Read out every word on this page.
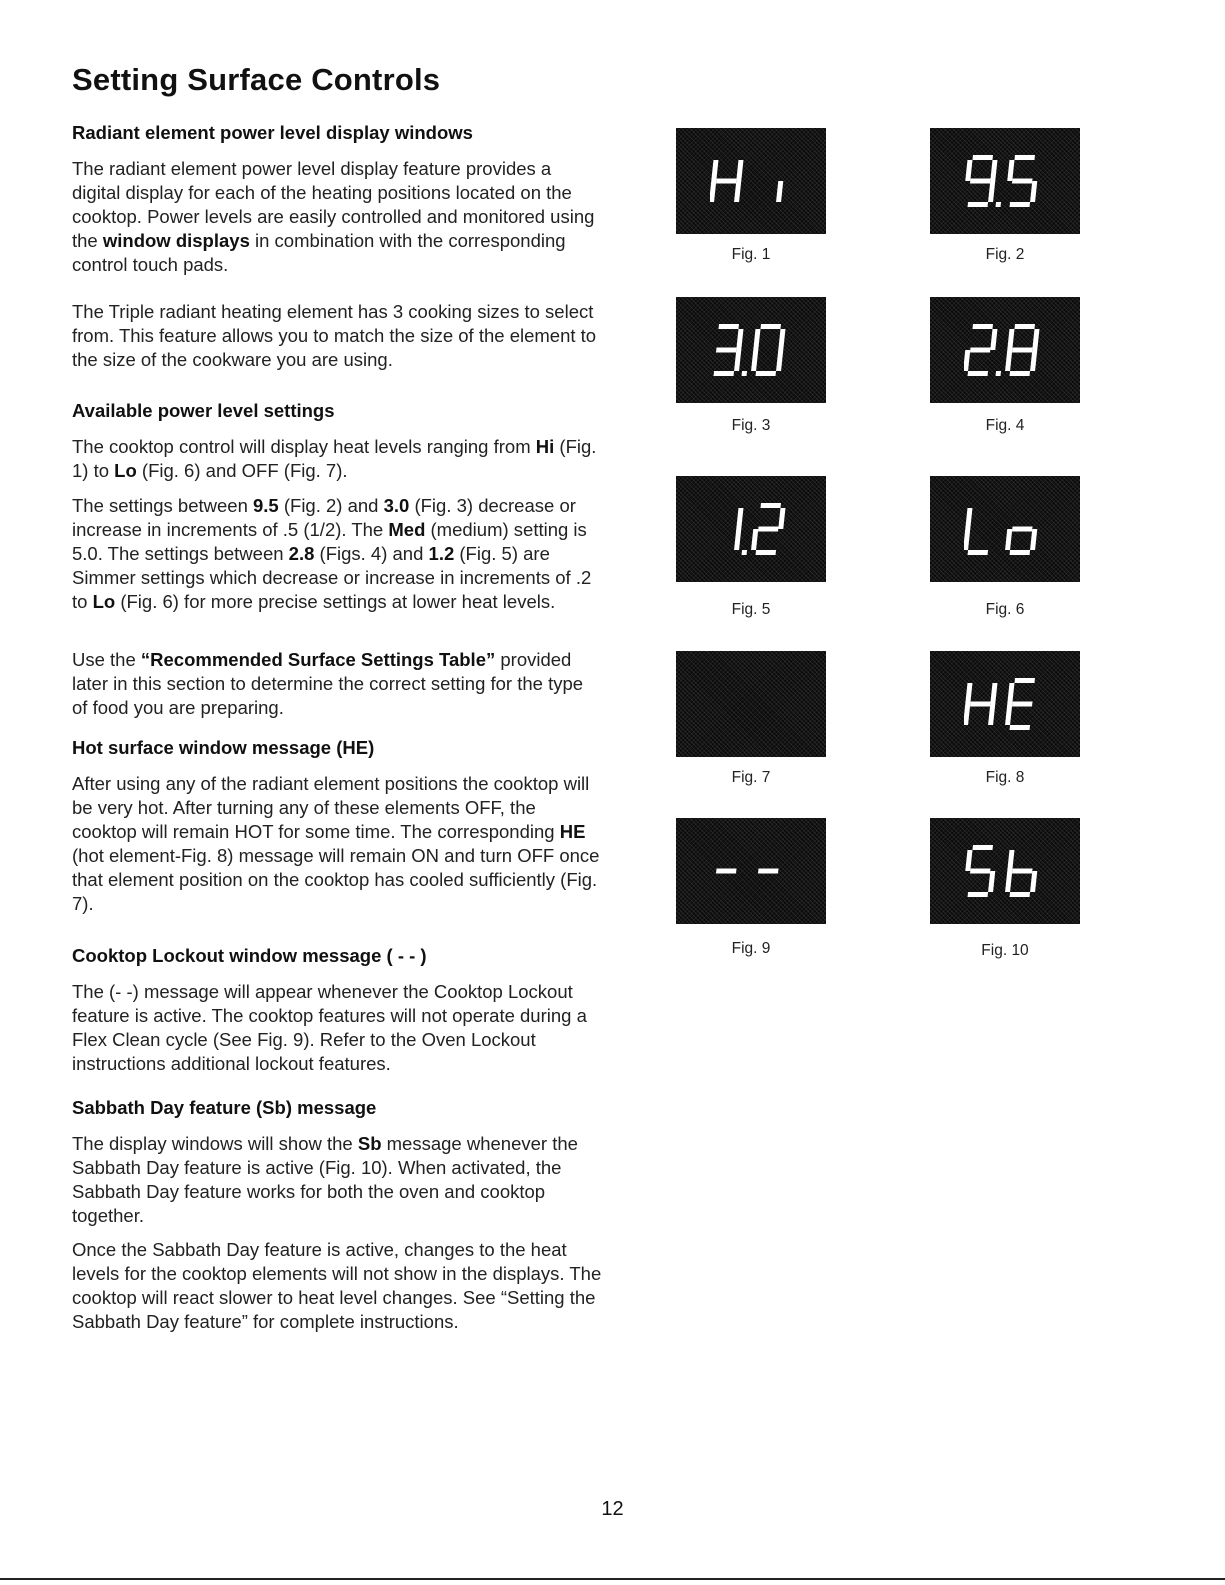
Setting Surface Controls
Radiant element power level display windows

The radiant element power level display feature provides a digital display for each of the heating positions located on the cooktop. Power levels are easily controlled and monitored using the window displays in combination with the corresponding control touch pads.

The Triple radiant heating element has 3 cooking sizes to select from. This feature allows you to match the size of the element to the size of the cookware you are using.

Available power level settings

The cooktop control will display heat levels ranging from Hi (Fig. 1) to Lo (Fig. 6) and OFF (Fig. 7).

The settings between 9.5 (Fig. 2) and 3.0 (Fig. 3) decrease or increase in increments of .5 (1/2). The Med (medium) setting is 5.0. The settings between 2.8 (Figs. 4) and 1.2 (Fig. 5) are Simmer settings which decrease or increase in increments of .2 to Lo (Fig. 6) for more precise settings at lower heat levels.

Use the “Recommended Surface Settings Table” provided later in this section to determine the correct setting for the type of food you are preparing.

Hot surface window message (HE)

After using any of the radiant element positions the cooktop will be very hot. After turning any of these elements OFF, the cooktop will remain HOT for some time. The corresponding HE (hot element-Fig. 8) message will remain ON and turn OFF once that element position on the cooktop has cooled sufficiently (Fig. 7).

Cooktop Lockout window message ( - - )

The (- -) message will appear whenever the Cooktop Lockout feature is active. The cooktop features will not operate during a Flex Clean cycle (See Fig. 9). Refer to the Oven Lockout instructions additional lockout features.

Sabbath Day feature (Sb) message

The display windows will show the Sb message whenever the Sabbath Day feature is active (Fig. 10). When activated, the Sabbath Day feature works for both the oven and cooktop together.

Once the Sabbath Day feature is active, changes to the heat levels for the cooktop elements will not show in the displays. The cooktop will react slower to heat level changes. See “Setting the Sabbath Day feature” for complete instructions.

Fig. 1	Fig. 2
Fig. 3	Fig. 4
Fig. 5	Fig. 6
Fig. 7	Fig. 8
Fig. 9	Fig. 10
12
